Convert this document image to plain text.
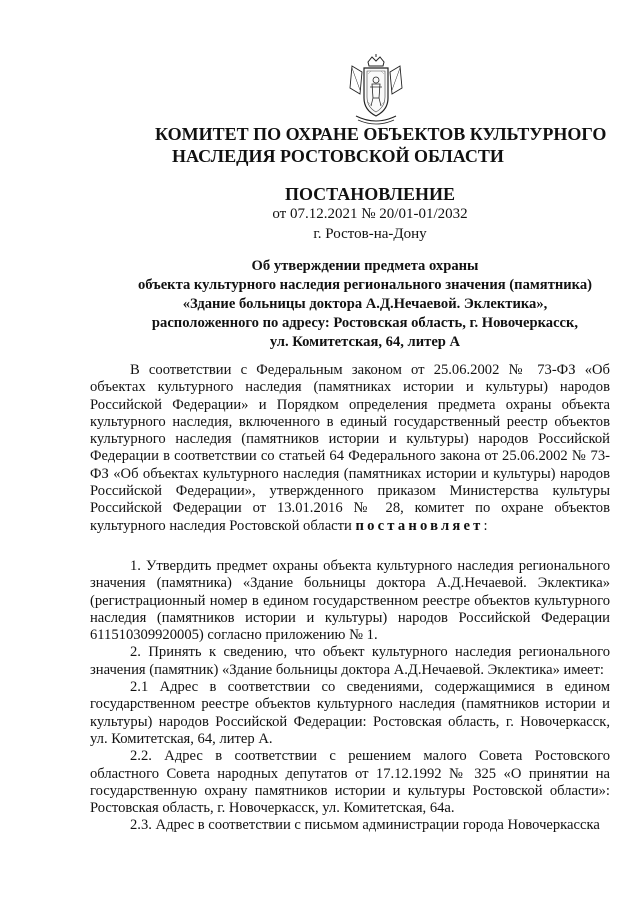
КОМИТЕТ ПО ОХРАНЕ ОБЪЕКТОВ КУЛЬТУРНОГО
НАСЛЕДИЯ РОСТОВСКОЙ ОБЛАСТИ
ПОСТАНОВЛЕНИЕ
от 07.12.2021 № 20/01-01/2032
г. Ростов-на-Дону
Об утверждении предмета охраны
объекта культурного наследия регионального значения (памятника)
«Здание больницы доктора А.Д.Нечаевой. Эклектика»,
расположенного по адресу: Ростовская область, г. Новочеркасск,
ул. Комитетская, 64, литер А

В соответствии с Федеральным законом от 25.06.2002 № 73-ФЗ «Об объектах культурного наследия (памятниках истории и культуры) народов Российской Федерации» и Порядком определения предмета охраны объекта культурного наследия, включенного в единый государственный реестр объектов культурного наследия (памятников истории и культуры) народов Российской Федерации в соответствии со статьей 64 Федерального закона от 25.06.2002 № 73-ФЗ «Об объектах культурного наследия (памятниках истории и культуры) народов Российской Федерации», утвержденного приказом Министерства культуры Российской Федерации от 13.01.2016 № 28, комитет по охране объектов культурного наследия Ростовской области постановляет:

1. Утвердить предмет охраны объекта культурного наследия регионального значения (памятника) «Здание больницы доктора А.Д.Нечаевой. Эклектика» (регистрационный номер в едином государственном реестре объектов культурного наследия (памятников истории и культуры) народов Российской Федерации 611510309920005) согласно приложению № 1.

2. Принять к сведению, что объект культурного наследия регионального значения (памятник) «Здание больницы доктора А.Д.Нечаевой. Эклектика» имеет:

2.1 Адрес в соответствии со сведениями, содержащимися в едином государственном реестре объектов культурного наследия (памятников истории и культуры) народов Российской Федерации: Ростовская область, г. Новочеркасск, ул. Комитетская, 64, литер А.

2.2. Адрес в соответствии с решением малого Совета Ростовского областного Совета народных депутатов от 17.12.1992 № 325 «О принятии на государственную охрану памятников истории и культуры Ростовской области»: Ростовская область, г. Новочеркасск, ул. Комитетская, 64а.

2.3. Адрес в соответствии с письмом администрации города Новочеркасска
